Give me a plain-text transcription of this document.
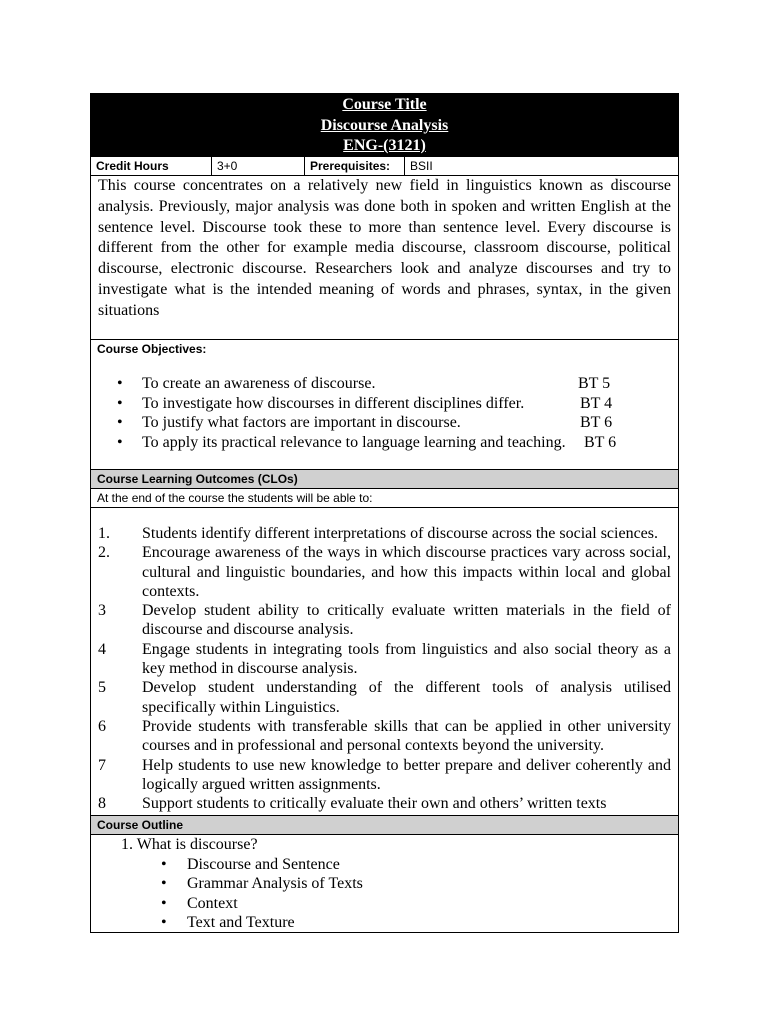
Course Title
Discourse Analysis
ENG-(3121)
Credit Hours	3+0	Prerequisites:	BSII
This course concentrates on a relatively new field in linguistics known as discourse analysis. Previously, major analysis was done both in spoken and written English at the sentence level. Discourse took these to more than sentence level. Every discourse is different from the other for example media discourse, classroom discourse, political discourse, electronic discourse. Researchers look and analyze discourses and try to investigate what is the intended meaning of words and phrases, syntax, in the given situations
Course Objectives:
• To create an awareness of discourse.	BT 5
• To investigate how discourses in different disciplines differ.	BT 4
• To justify what factors are important in discourse.	BT 6
• To apply its practical relevance to language learning and teaching. BT 6
Course Learning Outcomes (CLOs)
At the end of the course the students will be able to:
1.	Students identify different interpretations of discourse across the social sciences.
2.	Encourage awareness of the ways in which discourse practices vary across social, cultural and linguistic boundaries, and how this impacts within local and global contexts.
3	Develop student ability to critically evaluate written materials in the field of discourse and discourse analysis.
4	Engage students in integrating tools from linguistics and also social theory as a key method in discourse analysis.
5	Develop student understanding of the different tools of analysis utilised specifically within Linguistics.
6	Provide students with transferable skills that can be applied in other university courses and in professional and personal contexts beyond the university.
7	Help students to use new knowledge to better prepare and deliver coherently and logically argued written assignments.
8	Support students to critically evaluate their own and others’ written texts
Course Outline
1. What is discourse?
• Discourse and Sentence
• Grammar Analysis of Texts
• Context
• Text and Texture
